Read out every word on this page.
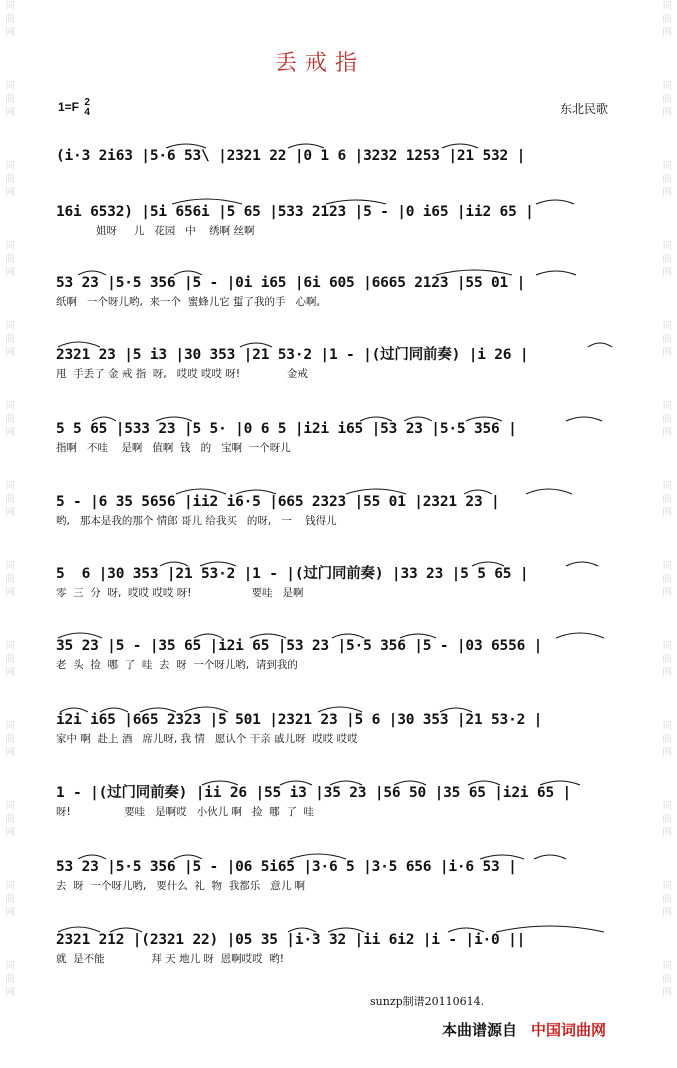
词
曲
网
词
曲
网
词
曲
网
词
曲
网
词
曲
网
词
曲
网
词
曲
网
词
曲
网
词
曲
网
词
曲
网
词
曲
网
词
曲
网
词
曲
网
词
曲
网
词
曲
网
词
曲
网
词
曲
网
词
曲
网
词
曲
网
词
曲
网
词
曲
网
词
曲
网
词
曲
网
词
曲
网
词
曲
网
词
曲
网
丢戒指
1=F 2
4	东北民歌
(i·3 2i63 |5·6 53\ |2321 22 |0 1 6 |3232 1253 |21 532 |
16i 6532) |5i 656i |5 65 |533 2123 |5 - |0 i65 |ii2 65 |
姐呀     儿   花园   中    绣啊 丝啊
53 23 |5·5 356 |5 - |0i i65 |6i 605 |6665 2123 |55 01 |
纸啊   一个呀儿哟,  来一个  蜜蜂儿它 蜇了我的手   心啊,
2321 23 |5 i3 |30 353 |21 53·2 |1 - |(过门同前奏) |i 26 |
甩  手丢了 金 戒 指  呀,   哎哎 哎哎 呀!              金戒
5 5 65 |533 23 |5 5· |0 6 5 |i2i i65 |53 23 |5·5 356 |
指啊   不哇    是啊   值啊  钱   的   宝啊  一个呀儿
5 - |6 35 5656 |ii2 i6·5 |665 2323 |55 01 |2321 23 |
哟,   那本是我的那个 情郎 哥儿 给我买   的呀,   一    钱得儿
5  6 |30 353 |21 53·2 |1 - |(过门同前奏) |33 23 |5 5 65 |
零  三  分  呀,  哎哎 哎哎 呀!                  要哇   是啊
35 23 |5 - |35 65 |i2i 65 |53 23 |5·5 356 |5 - |03 6556 |
老  头  捡  哪  了  哇  去  呀  一个呀儿哟,  请到我的
i2i i65 |665 2323 |5 501 |2321 23 |5 6 |30 353 |21 53·2 |
家中 啊  赴上 酒   席儿呀, 我 情   愿认个 干亲 戚儿呀  哎哎 哎哎
1 - |(过门同前奏) |ii 26 |55 i3 |35 23 |56 50 |35 65 |i2i 65 |
呀!                要哇   是啊哎   小伙儿 啊   捡  哪  了  哇
53 23 |5·5 356 |5 - |06 5i65 |3·6 5 |3·5 656 |i·6 53 |
去  呀  一个呀儿哟,   要什么  礼  物  我都乐   意儿 啊
2321 212 |(2321 22) |05 35 |i·3 32 |ii 6i2 |i - |i·0 ||
就  是不能              拜 天 地儿 呀  恩啊哎哎  哟!
sunzp制谱20110614.
本曲谱源自 中国词曲网
